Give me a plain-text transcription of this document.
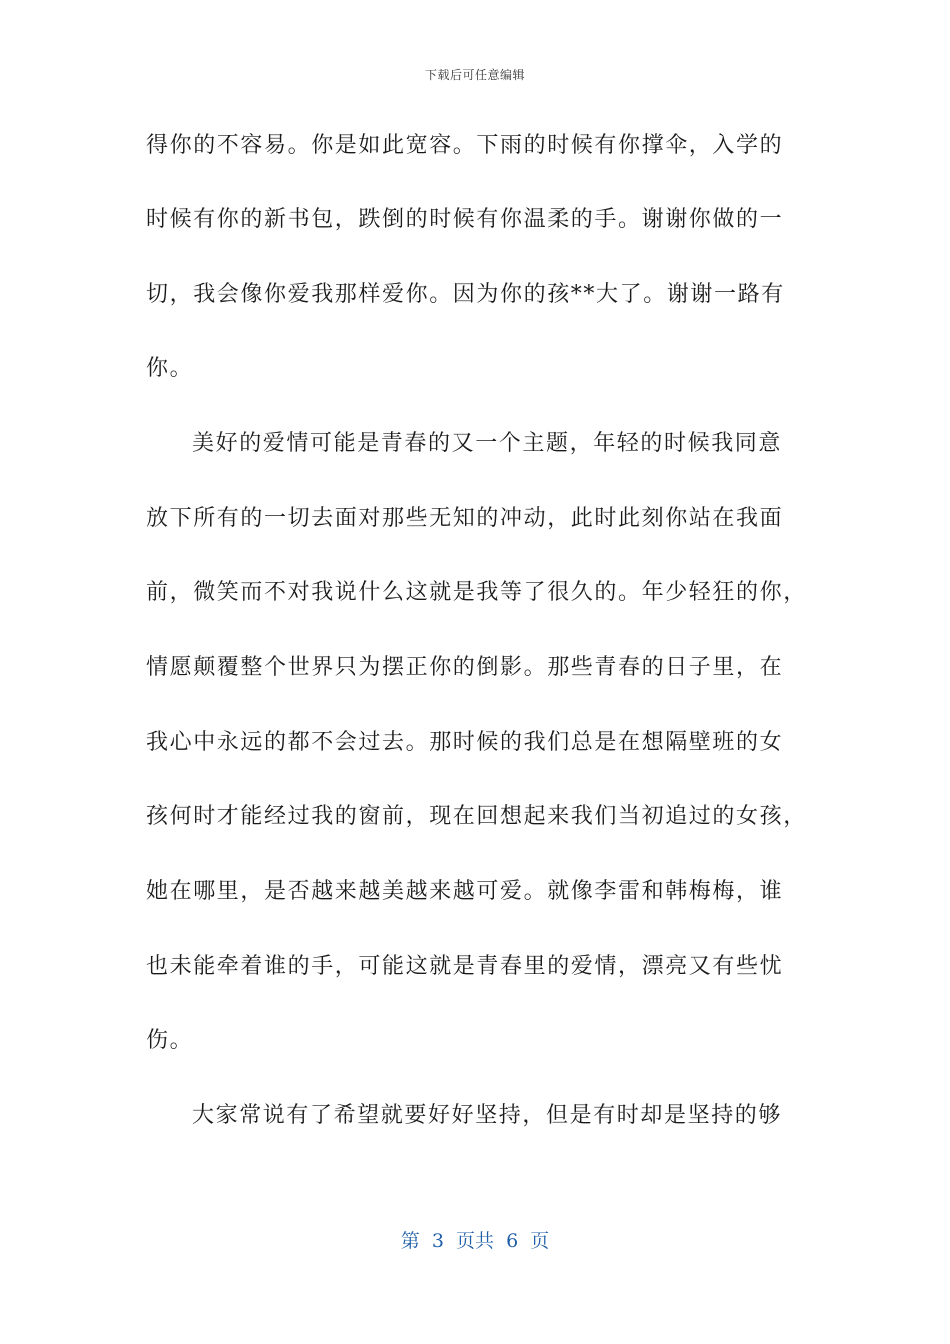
下载后可任意编辑
得你的不容易。你是如此宽容。下雨的时候有你撑伞，入学的
时候有你的新书包，跌倒的时候有你温柔的手。谢谢你做的一
切，我会像你爱我那样爱你。因为你的孩**大了。谢谢一路有
你。
美好的爱情可能是青春的又一个主题，年轻的时候我同意
放下所有的一切去面对那些无知的冲动，此时此刻你站在我面
前，微笑而不对我说什么这就是我等了很久的。年少轻狂的你，
情愿颠覆整个世界只为摆正你的倒影。那些青春的日子里，在
我心中永远的都不会过去。那时候的我们总是在想隔壁班的女
孩何时才能经过我的窗前，现在回想起来我们当初追过的女孩，
她在哪里，是否越来越美越来越可爱。就像李雷和韩梅梅，谁
也未能牵着谁的手，可能这就是青春里的爱情，漂亮又有些忧
伤。
大家常说有了希望就要好好坚持，但是有时却是坚持的够
第  3  页共  6  页
